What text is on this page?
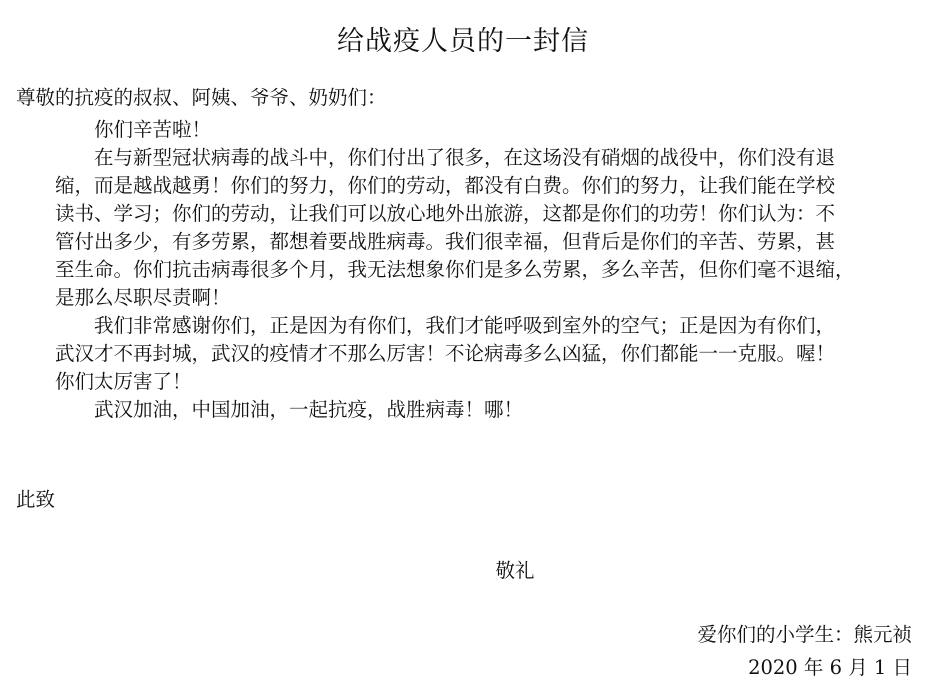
给战疫人员的一封信
尊敬的抗疫的叔叔、阿姨、爷爷、奶奶们：
你们辛苦啦！
在与新型冠状病毒的战斗中，你们付出了很多，在这场没有硝烟的战役中，你们没有退
缩，而是越战越勇！你们的努力，你们的劳动，都没有白费。你们的努力，让我们能在学校
读书、学习；你们的劳动，让我们可以放心地外出旅游，这都是你们的功劳！你们认为：不
管付出多少，有多劳累，都想着要战胜病毒。我们很幸福，但背后是你们的辛苦、劳累，甚
至生命。你们抗击病毒很多个月，我无法想象你们是多么劳累，多么辛苦，但你们毫不退缩，
是那么尽职尽责啊！
我们非常感谢你们，正是因为有你们，我们才能呼吸到室外的空气；正是因为有你们，
武汉才不再封城，武汉的疫情才不那么厉害！不论病毒多么凶猛，你们都能一一克服。喔！
你们太厉害了！
武汉加油，中国加油，一起抗疫，战胜病毒！哪！
此致
敬礼
爱你们的小学生：熊元祯
2020 年 6 月 1 日
